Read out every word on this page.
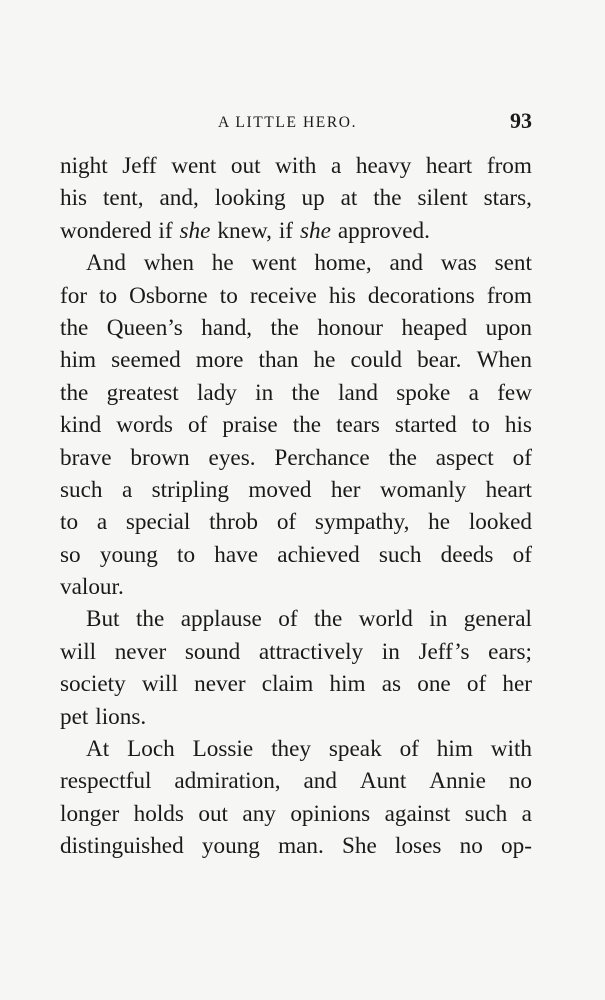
A LITTLE HERO.	93
night Jeff went out with a heavy heart from
his tent, and, looking up at the silent stars,
wondered if she knew, if she approved.
And when he went home, and was sent
for to Osborne to receive his decorations from
the Queen’s hand, the honour heaped upon
him seemed more than he could bear. When
the greatest lady in the land spoke a few
kind words of praise the tears started to his
brave brown eyes. Perchance the aspect of
such a stripling moved her womanly heart
to a special throb of sympathy, he looked
so young to have achieved such deeds of
valour.
But the applause of the world in general
will never sound attractively in Jeff’s ears;
society will never claim him as one of her
pet lions.
At Loch Lossie they speak of him with
respectful admiration, and Aunt Annie no
longer holds out any opinions against such a
distinguished young man. She loses no op-
